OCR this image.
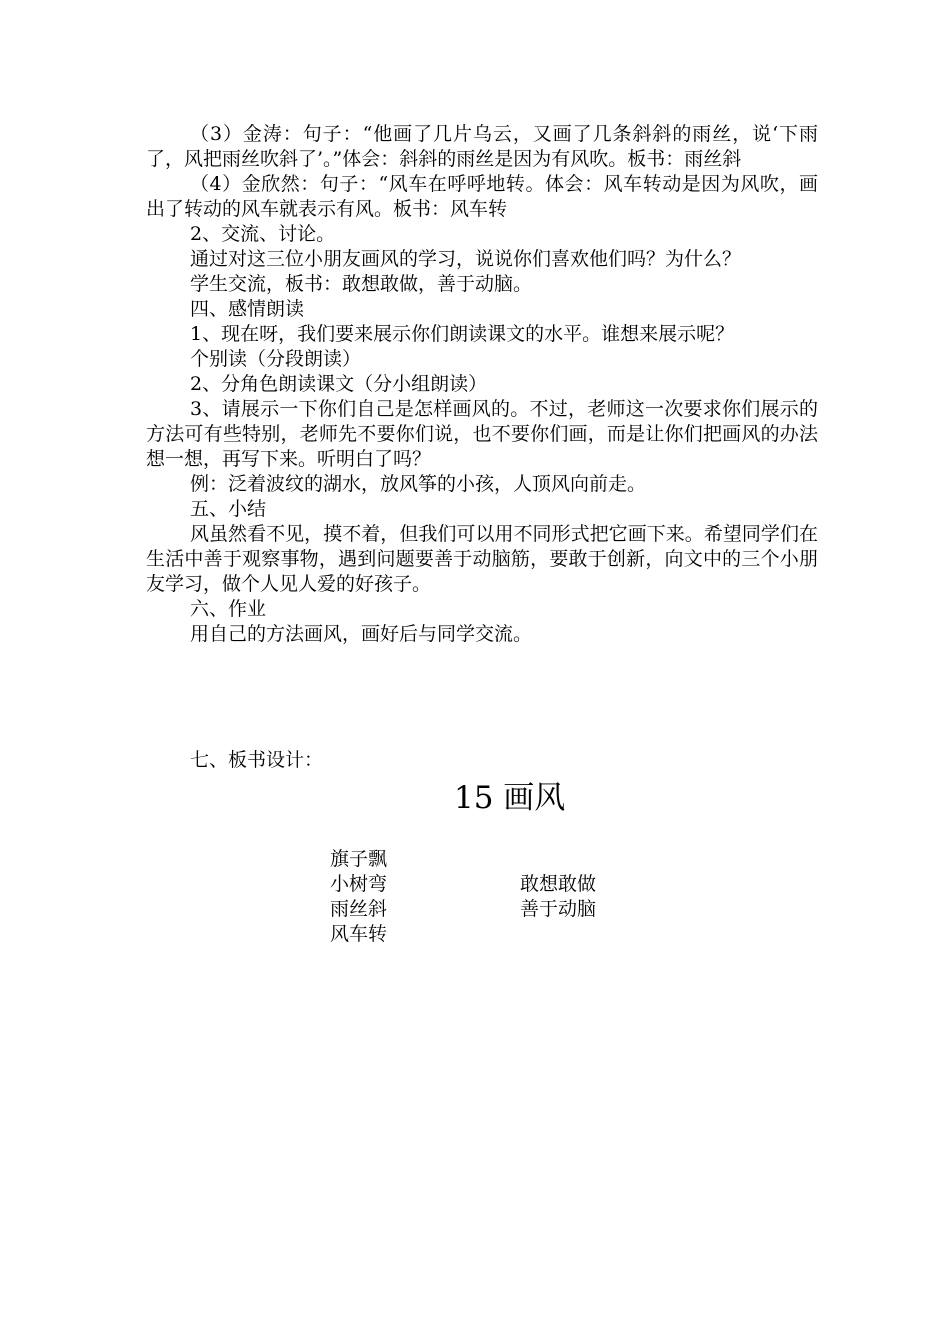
（3）金涛：句子：“他画了几片乌云，又画了几条斜斜的雨丝，说‘下雨了，风把雨丝吹斜了’。”体会：斜斜的雨丝是因为有风吹。板书：雨丝斜

（4）金欣然：句子：“风车在呼呼地转。体会：风车转动是因为风吹，画出了转动的风车就表示有风。板书：风车转

2、交流、讨论。

通过对这三位小朋友画风的学习，说说你们喜欢他们吗？为什么？

学生交流，板书：敢想敢做，善于动脑。

四、感情朗读

1、现在呀，我们要来展示你们朗读课文的水平。谁想来展示呢？

个别读（分段朗读）

2、分角色朗读课文（分小组朗读）

3、请展示一下你们自己是怎样画风的。不过，老师这一次要求你们展示的方法可有些特别，老师先不要你们说，也不要你们画，而是让你们把画风的办法想一想，再写下来。听明白了吗？

例：泛着波纹的湖水，放风筝的小孩，人顶风向前走。

五、小结

风虽然看不见，摸不着，但我们可以用不同形式把它画下来。希望同学们在生活中善于观察事物，遇到问题要善于动脑筋，要敢于创新，向文中的三个小朋友学习，做个人见人爱的好孩子。

六、作业

用自己的方法画风，画好后与同学交流。

七、板书设计：

15 画风

旗子飘

小树弯

雨丝斜

风车转

敢想敢做

善于动脑
